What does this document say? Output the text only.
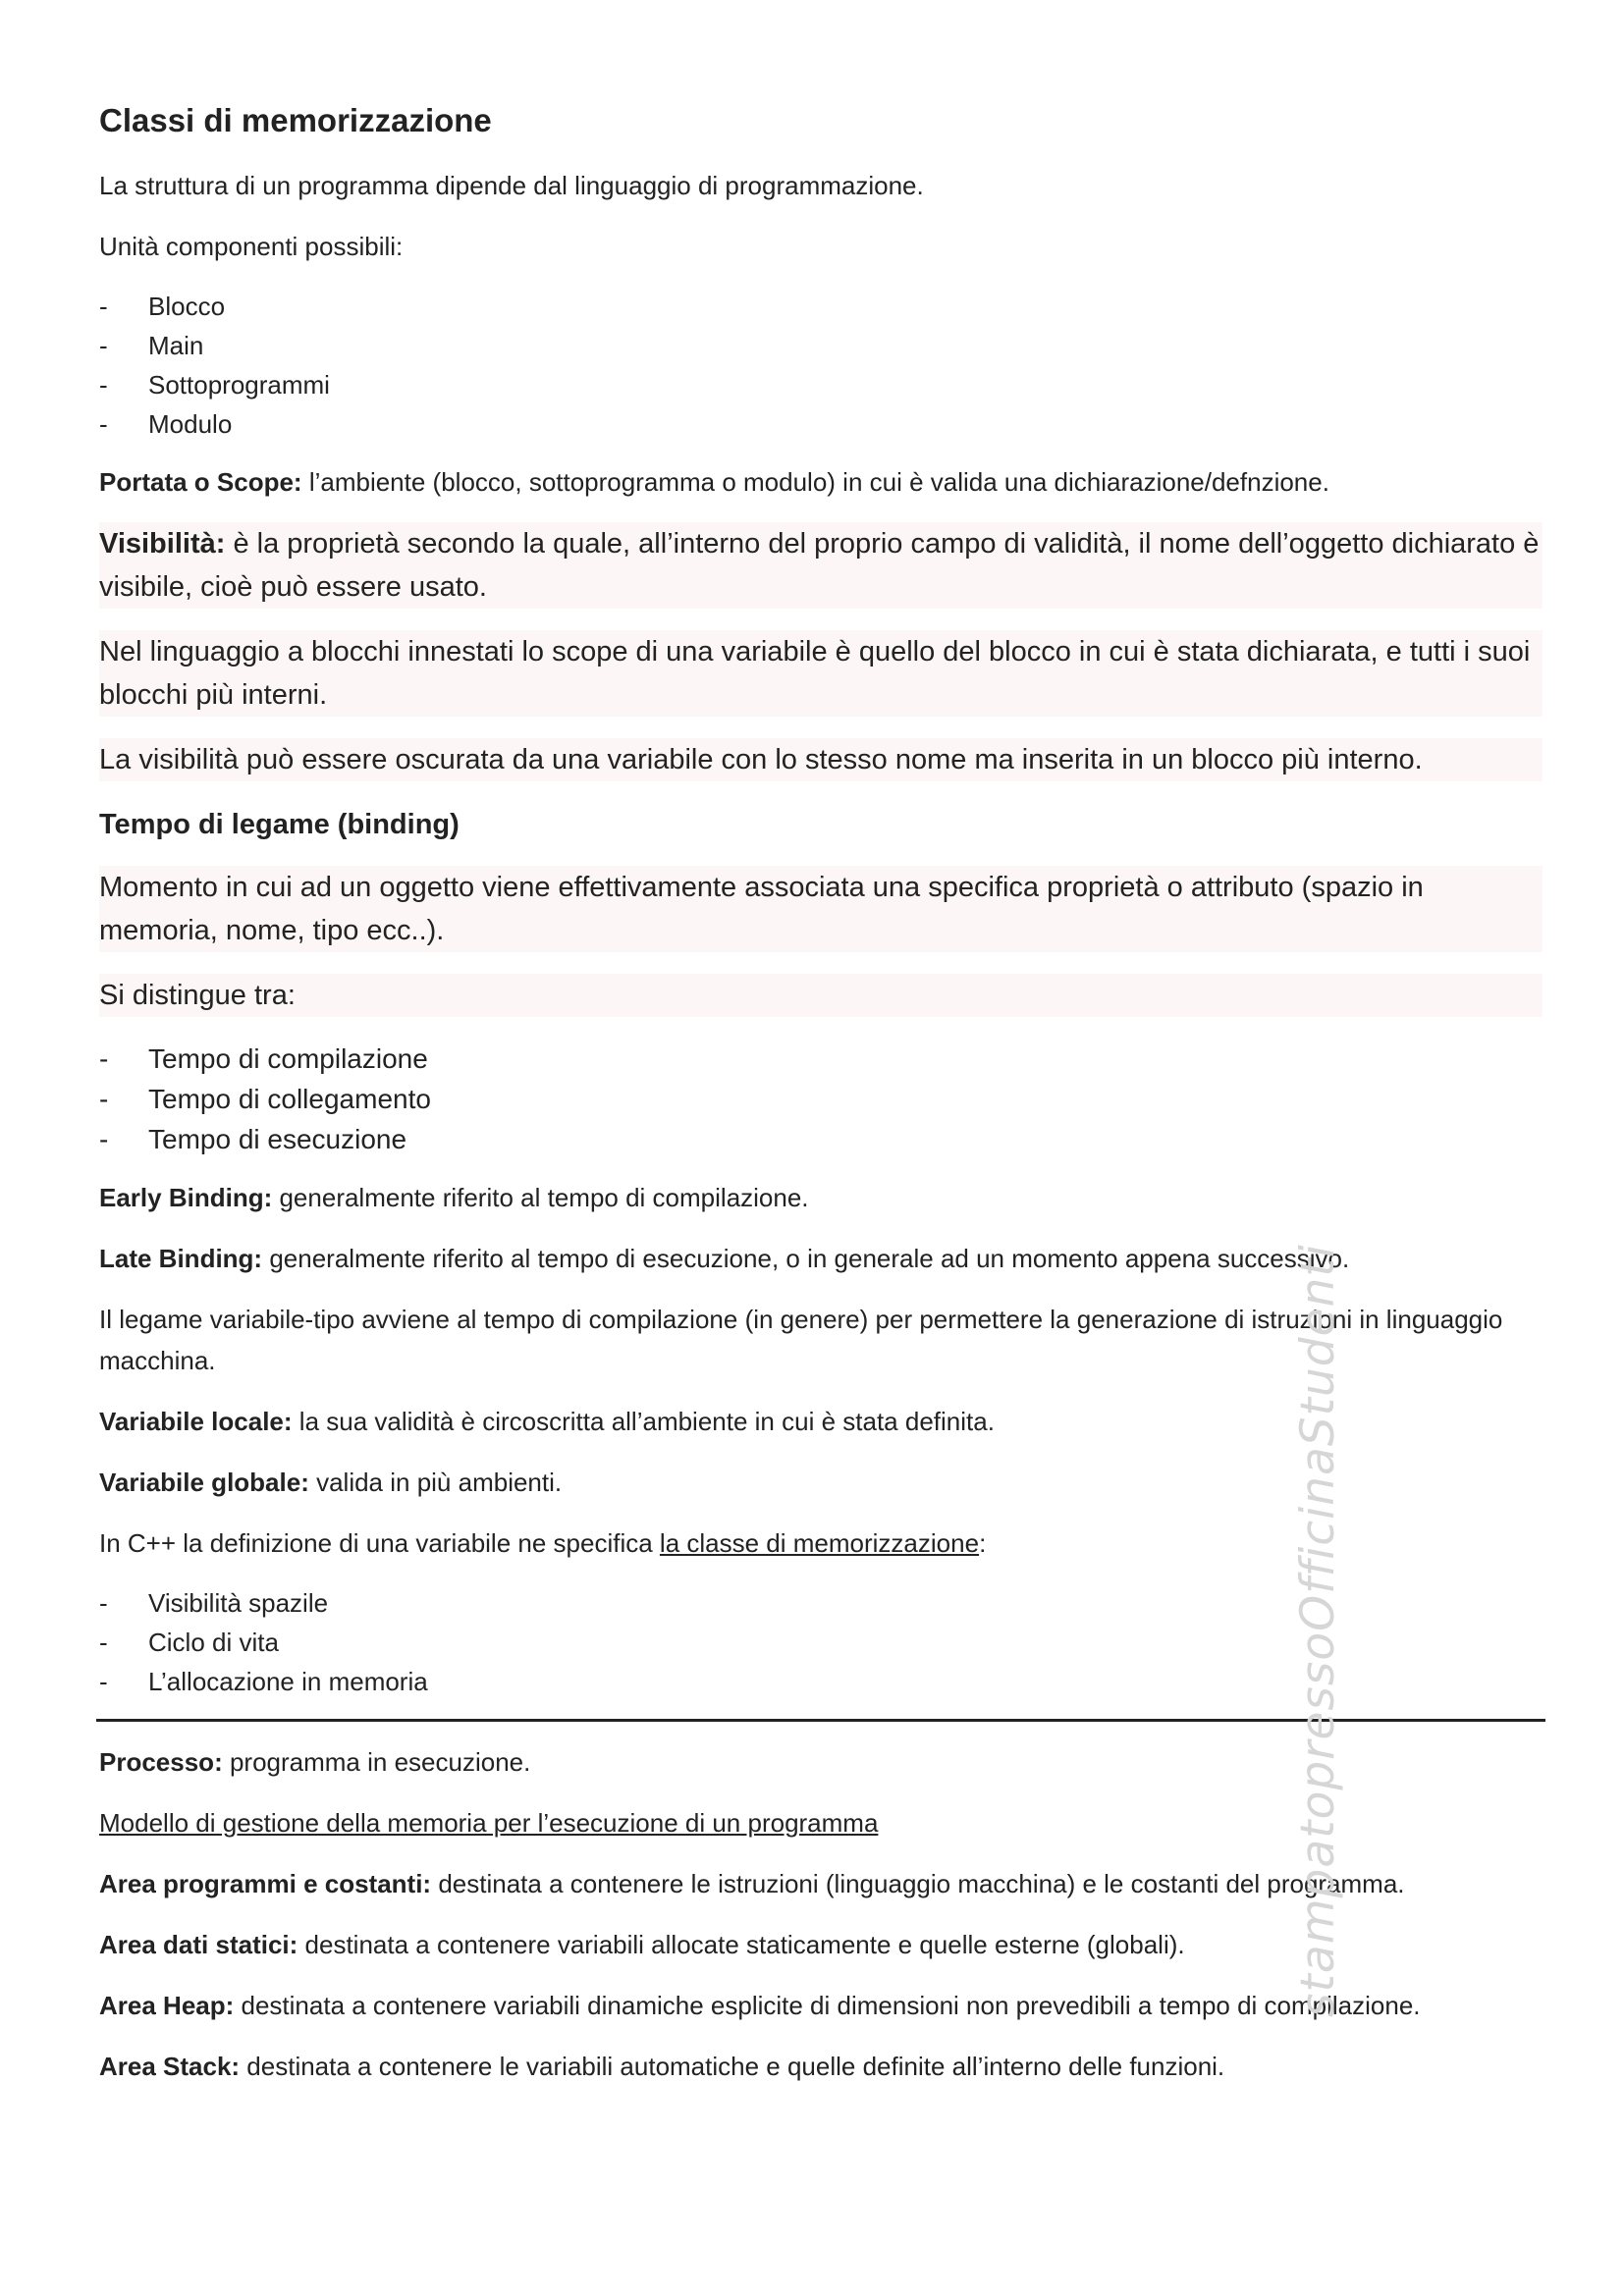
Classi di memorizzazione

La struttura di un programma dipende dal linguaggio di programmazione.

Unità componenti possibili:

- Blocco
- Main
- Sottoprogrammi
- Modulo

Portata o Scope: l’ambiente (blocco, sottoprogramma o modulo) in cui è valida una dichiarazione/defnzione.

Visibilità: è la proprietà secondo la quale, all’interno del proprio campo di validità, il nome dell’oggetto dichiarato è visibile, cioè può essere usato.

Nel linguaggio a blocchi innestati lo scope di una variabile è quello del blocco in cui è stata dichiarata, e tutti i suoi blocchi più interni.

La visibilità può essere oscurata da una variabile con lo stesso nome ma inserita in un blocco più interno.

Tempo di legame (binding)

Momento in cui ad un oggetto viene effettivamente associata una specifica proprietà o attributo (spazio in memoria, nome, tipo ecc..).

Si distingue tra:

- Tempo di compilazione
- Tempo di collegamento
- Tempo di esecuzione

Early Binding: generalmente riferito al tempo di compilazione.

Late Binding: generalmente riferito al tempo di esecuzione, o in generale ad un momento appena successivo.

Il legame variabile-tipo avviene al tempo di compilazione (in genere) per permettere la generazione di istruzioni in linguaggio macchina.

Variabile locale: la sua validità è circoscritta all’ambiente in cui è stata definita.

Variabile globale: valida in più ambienti.

In C++ la definizione di una variabile ne specifica la classe di memorizzazione:

- Visibilità spazile
- Ciclo di vita
- L’allocazione in memoria

Processo: programma in esecuzione.

Modello di gestione della memoria per l’esecuzione di un programma

Area programmi e costanti: destinata a contenere le istruzioni (linguaggio macchina) e le costanti del programma.

Area dati statici: destinata a contenere variabili allocate staticamente e quelle esterne (globali).

Area Heap: destinata a contenere variabili dinamiche esplicite di dimensioni non prevedibili a tempo di compilazione.

Area Stack: destinata a contenere le variabili automatiche e quelle definite all’interno delle funzioni.

stampatopressoOfficinaStudenti
